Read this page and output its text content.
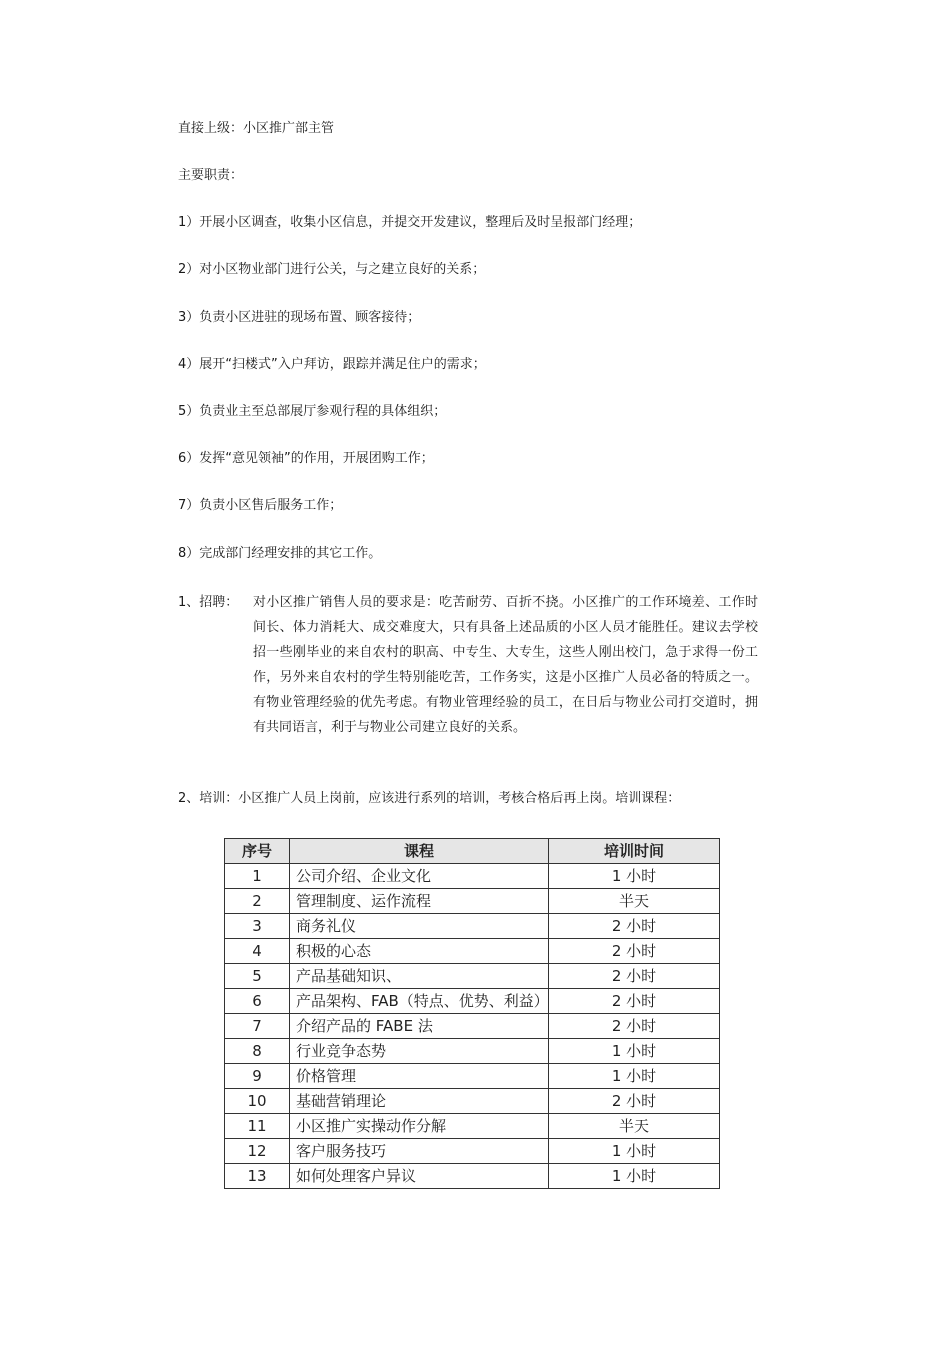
直接上级：小区推广部主管
主要职责：
1）开展小区调查，收集小区信息，并提交开发建议，整理后及时呈报部门经理；
2）对小区物业部门进行公关，与之建立良好的关系；
3）负责小区进驻的现场布置、顾客接待；
4）展开“扫楼式”入户拜访，跟踪并满足住户的需求；
5）负责业主至总部展厅参观行程的具体组织；
6）发挥“意见领袖”的作用，开展团购工作；
7）负责小区售后服务工作；
8）完成部门经理安排的其它工作。
1、招聘： 对小区推广销售人员的要求是：吃苦耐劳、百折不挠。小区推广的工作环境差、工作时间长、体力消耗大、成交难度大，只有具备上述品质的小区人员才能胜任。建议去学校招一些刚毕业的来自农村的职高、中专生、大专生，这些人刚出校门，急于求得一份工作，另外来自农村的学生特别能吃苦，工作务实，这是小区推广人员必备的特质之一。有物业管理经验的优先考虑。有物业管理经验的员工，在日后与物业公司打交道时，拥有共同语言，利于与物业公司建立良好的关系。
2、培训：小区推广人员上岗前，应该进行系列的培训，考核合格后再上岗。培训课程：
序号	课程	培训时间
1	公司介绍、企业文化	1 小时
2	管理制度、运作流程	半天
3	商务礼仪	2 小时
4	积极的心态	2 小时
5	产品基础知识、	2 小时
6	产品架构、FAB（特点、优势、利益）	2 小时
7	介绍产品的 FABE 法	2 小时
8	行业竞争态势	1 小时
9	价格管理	1 小时
10	基础营销理论	2 小时
11	小区推广实操动作分解	半天
12	客户服务技巧	1 小时
13	如何处理客户异议	1 小时
